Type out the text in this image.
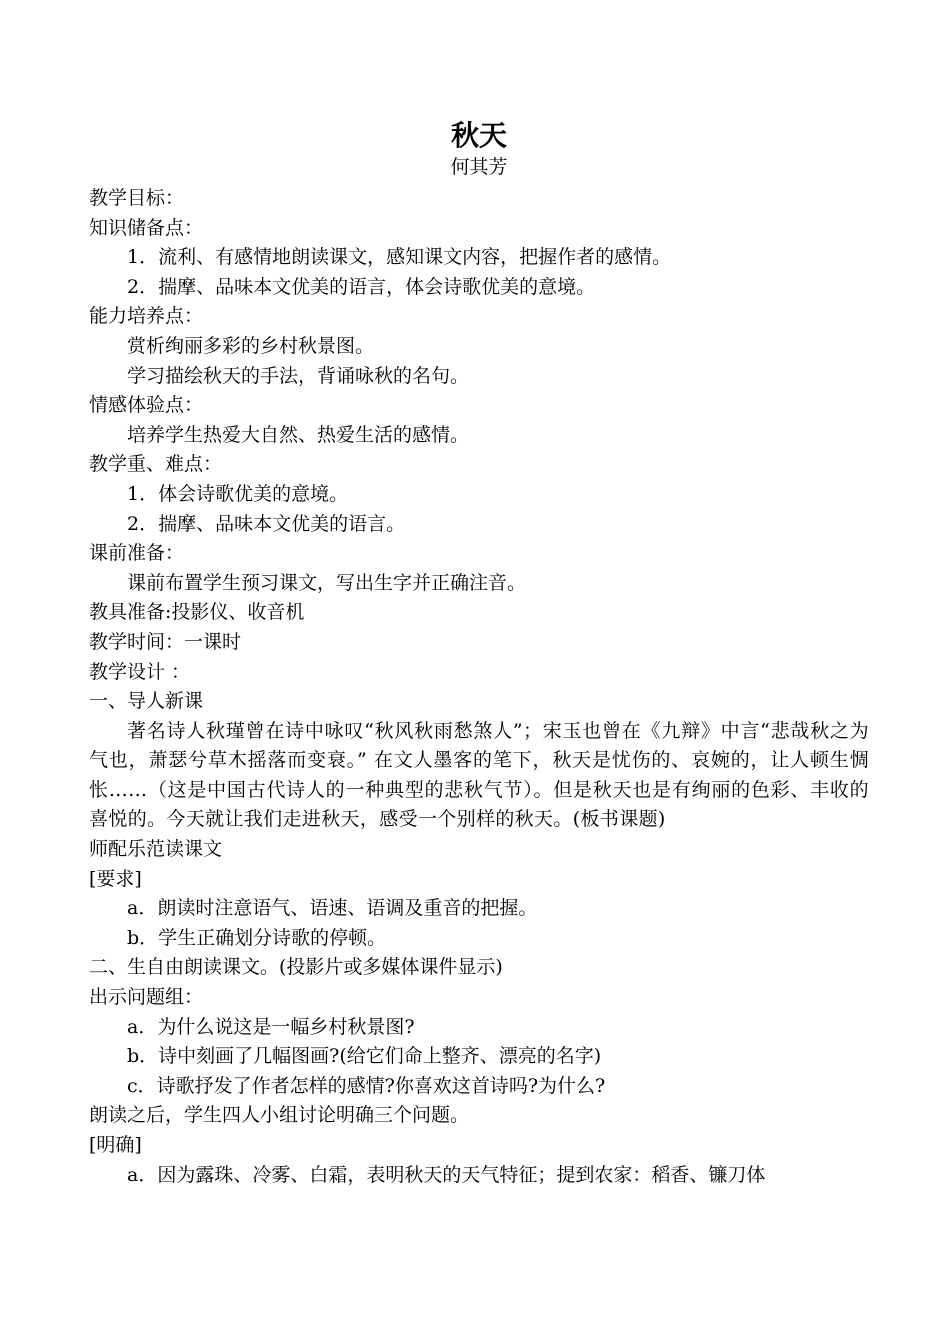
秋天
何其芳

教学目标：

知识储备点：

1．流利、有感情地朗读课文，感知课文内容，把握作者的感情。

2．揣摩、品味本文优美的语言，体会诗歌优美的意境。

能力培养点：

赏析绚丽多彩的乡村秋景图。

学习描绘秋天的手法，背诵咏秋的名句。

情感体验点：

培养学生热爱大自然、热爱生活的感情。

教学重、难点：

1．体会诗歌优美的意境。

2．揣摩、品味本文优美的语言。

课前准备：

课前布置学生预习课文，写出生字并正确注音。

教具准备:投影仪、收音机

教学时间：一课时

教学设计 ：

一、导人新课

著名诗人秋瑾曾在诗中咏叹“秋风秋雨愁煞人”；宋玉也曾在《九辩》中言“悲哉秋之为气也，萧瑟兮草木摇落而变衰。” 在文人墨客的笔下，秋天是忧伤的、哀婉的，让人顿生惆怅……（这是中国古代诗人的一种典型的悲秋气节）。但是秋天也是有绚丽的色彩、丰收的喜悦的。今天就让我们走进秋天，感受一个别样的秋天。(板书课题)

师配乐范读课文

[要求]

a．朗读时注意语气、语速、语调及重音的把握。

b．学生正确划分诗歌的停顿。

二、生自由朗读课文。(投影片或多媒体课件显示)

出示问题组：

a．为什么说这是一幅乡村秋景图?

b．诗中刻画了几幅图画?(给它们命上整齐、漂亮的名字)

c．诗歌抒发了作者怎样的感情?你喜欢这首诗吗?为什么?

朗读之后，学生四人小组讨论明确三个问题。

[明确]

a．因为露珠、冷雾、白霜，表明秋天的天气特征；提到农家：稻香、镰刀体
